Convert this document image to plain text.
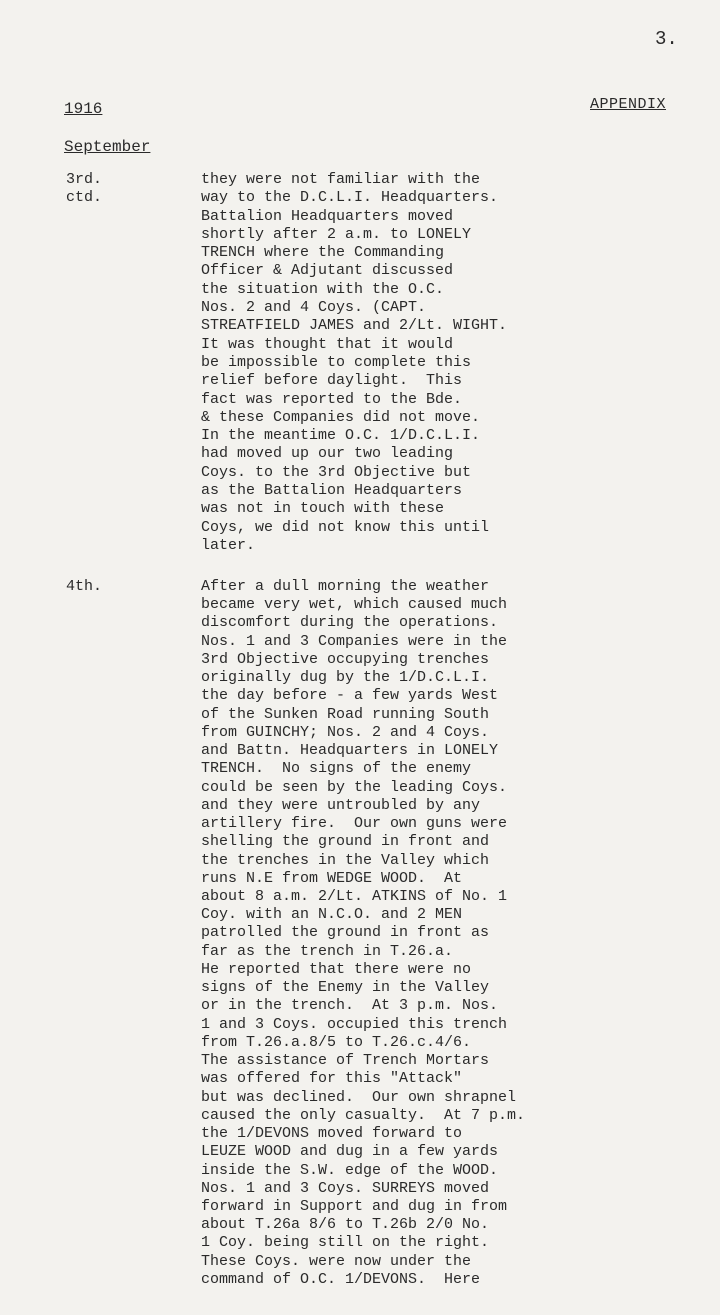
3.
1916	APPENDIX
September
3rd.
ctd.
they were not familiar with the
way to the D.C.L.I. Headquarters.
Battalion Headquarters moved
shortly after 2 a.m. to LONELY
TRENCH where the Commanding
Officer & Adjutant discussed
the situation with the O.C.
Nos. 2 and 4 Coys. (CAPT.
STREATFIELD JAMES and 2/Lt. WIGHT.
It was thought that it would
be impossible to complete this
relief before daylight.  This
fact was reported to the Bde.
& these Companies did not move.
In the meantime O.C. 1/D.C.L.I.
had moved up our two leading
Coys. to the 3rd Objective but
as the Battalion Headquarters
was not in touch with these
Coys, we did not know this until
later.
4th.	After a dull morning the weather
became very wet, which caused much
discomfort during the operations.
Nos. 1 and 3 Companies were in the
3rd Objective occupying trenches
originally dug by the 1/D.C.L.I.
the day before - a few yards West
of the Sunken Road running South
from GUINCHY; Nos. 2 and 4 Coys.
and Battn. Headquarters in LONELY
TRENCH.  No signs of the enemy
could be seen by the leading Coys.
and they were untroubled by any
artillery fire.  Our own guns were
shelling the ground in front and
the trenches in the Valley which
runs N.E from WEDGE WOOD.  At
about 8 a.m. 2/Lt. ATKINS of No. 1
Coy. with an N.C.O. and 2 MEN
patrolled the ground in front as
far as the trench in T.26.a.
He reported that there were no
signs of the Enemy in the Valley
or in the trench.  At 3 p.m. Nos.
1 and 3 Coys. occupied this trench
from T.26.a.8/5 to T.26.c.4/6.
The assistance of Trench Mortars
was offered for this "Attack"
but was declined.  Our own shrapnel
caused the only casualty.  At 7 p.m.
the 1/DEVONS moved forward to
LEUZE WOOD and dug in a few yards
inside the S.W. edge of the WOOD.
Nos. 1 and 3 Coys. SURREYS moved
forward in Support and dug in from
about T.26a 8/6 to T.26b 2/0 No.
1 Coy. being still on the right.
These Coys. were now under the
command of O.C. 1/DEVONS.  Here
